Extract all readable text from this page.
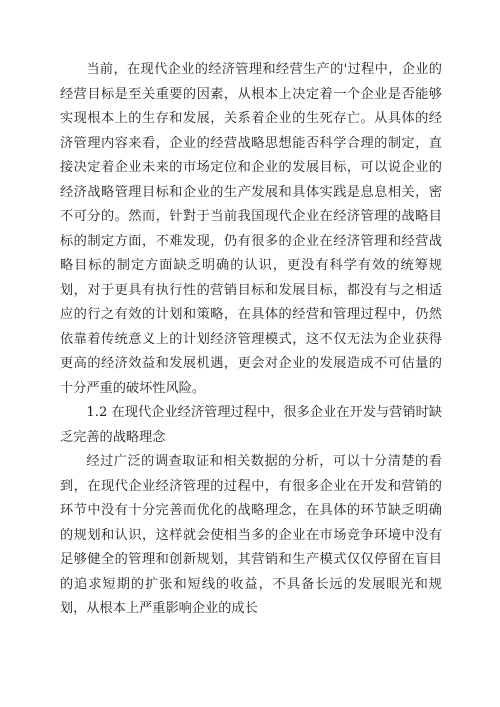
当前，在现代企业的经济管理和经营生产的'过程中，企业的经营目标是至关重要的因素，从根本上决定着一个企业是否能够实现根本上的生存和发展，关系着企业的生死存亡。从具体的经济管理内容来看，企业的经营战略思想能否科学合理的制定，直接决定着企业未来的市场定位和企业的发展目标，可以说企业的经济战略管理目标和企业的生产发展和具体实践是息息相关，密不可分的。然而，针對于当前我国现代企业在经济管理的战略目标的制定方面，不难发现，仍有很多的企业在经济管理和经营战略目标的制定方面缺乏明确的认识，更没有科学有效的统筹规划，对于更具有执行性的营销目标和发展目标，都没有与之相适应的行之有效的计划和策略，在具体的经营和管理过程中，仍然依靠着传统意义上的计划经济管理模式，这不仅无法为企业获得更高的经济效益和发展机遇，更会对企业的发展造成不可估量的十分严重的破坏性风险。

1.2 在现代企业经济管理过程中，很多企业在开发与营销时缺乏完善的战略理念

经过广泛的调查取证和相关数据的分析，可以十分清楚的看到，在现代企业经济管理的过程中，有很多企业在开发和营销的环节中没有十分完善而优化的战略理念，在具体的环节缺乏明确的规划和认识，这样就会使相当多的企业在市场竞争环境中没有足够健全的管理和创新规划，其营销和生产模式仅仅停留在盲目的追求短期的扩张和短线的收益，不具备长远的发展眼光和规划，从根本上严重影响企业的成长
